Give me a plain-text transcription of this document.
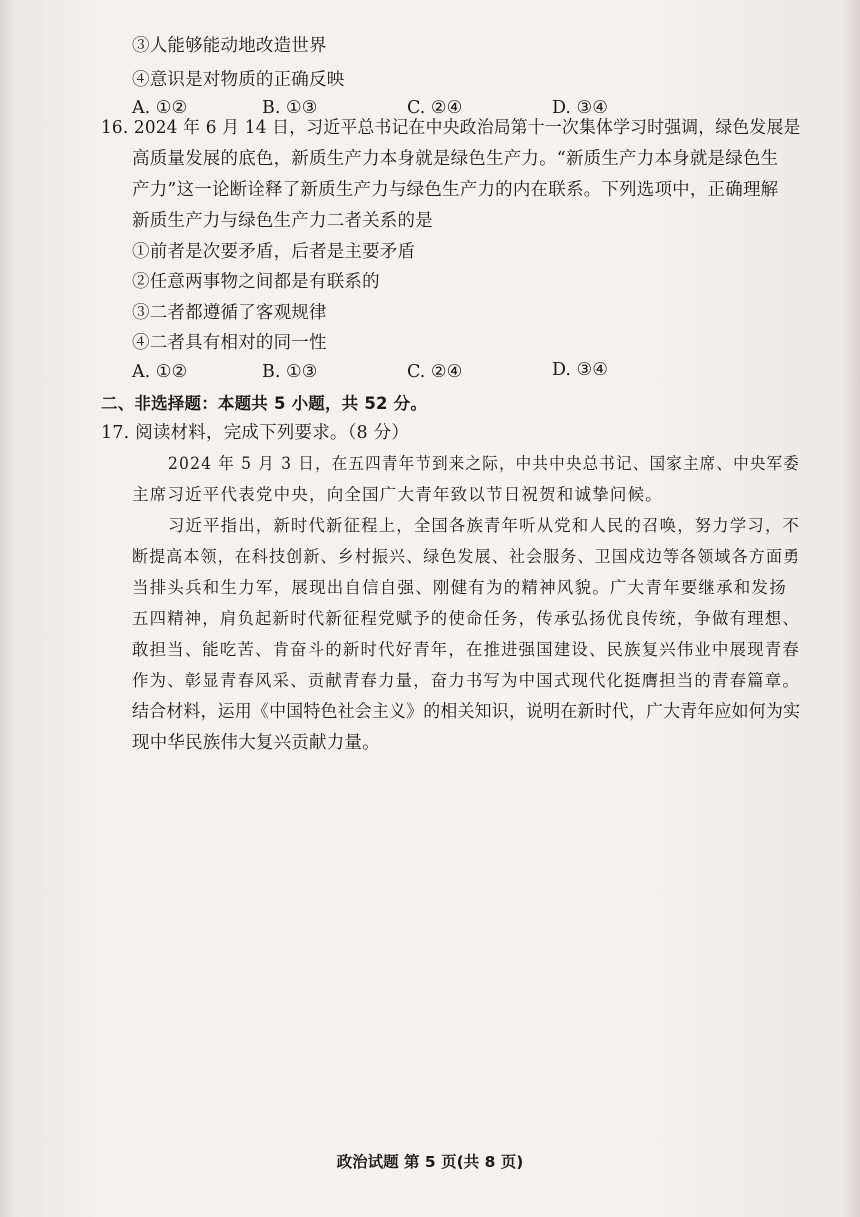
③人能够能动地改造世界
④意识是对物质的正确反映
A. ①②	B. ①③	C. ②④	D. ③④
16. 2024 年 6 月 14 日，习近平总书记在中央政治局第十一次集体学习时强调，绿色发展是
高质量发展的底色，新质生产力本身就是绿色生产力。“新质生产力本身就是绿色生
产力”这一论断诠释了新质生产力与绿色生产力的内在联系。下列选项中，正确理解
新质生产力与绿色生产力二者关系的是
①前者是次要矛盾，后者是主要矛盾
②任意两事物之间都是有联系的
③二者都遵循了客观规律
④二者具有相对的同一性
A. ①②	B. ①③	C. ②④	D. ③④
二、非选择题：本题共 5 小题，共 52 分。
17. 阅读材料，完成下列要求。（8 分）
2024 年 5 月 3 日，在五四青年节到来之际，中共中央总书记、国家主席、中央军委
主席习近平代表党中央，向全国广大青年致以节日祝贺和诚挚问候。
习近平指出，新时代新征程上，全国各族青年听从党和人民的召唤，努力学习，不
断提高本领，在科技创新、乡村振兴、绿色发展、社会服务、卫国戍边等各领域各方面勇
当排头兵和生力军，展现出自信自强、刚健有为的精神风貌。广大青年要继承和发扬
五四精神，肩负起新时代新征程党赋予的使命任务，传承弘扬优良传统，争做有理想、
敢担当、能吃苦、肯奋斗的新时代好青年，在推进强国建设、民族复兴伟业中展现青春
作为、彰显青春风采、贡献青春力量，奋力书写为中国式现代化挺膺担当的青春篇章。
结合材料，运用《中国特色社会主义》的相关知识，说明在新时代，广大青年应如何为实
现中华民族伟大复兴贡献力量。
政治试题 第 5 页(共 8 页)
